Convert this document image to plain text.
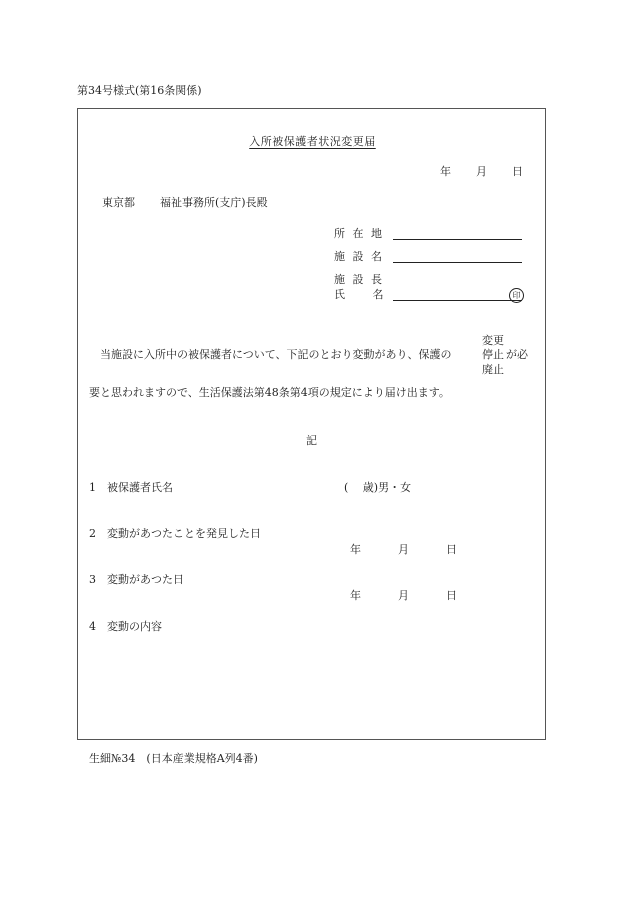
第34号様式(第16条関係)
入所被保護者状況変更届
年 月 日
東京都 福祉事務所(支庁)長殿
所 在 地
施 設 名
施 設 長
氏 名	印
変更
当施設に入所中の被保護者について、下記のとおり変動があり、保護の	停止 が必
廃止
要と思われますので、生活保護法第48条第4項の規定により届け出ます。
記
1 被保護者氏名	(　 歳)男・女
2 変動があつたことを発見した日
年	月	日
3 変動があつた日
年	月	日
4 変動の内容
生細№34　(日本産業規格A列4番)
